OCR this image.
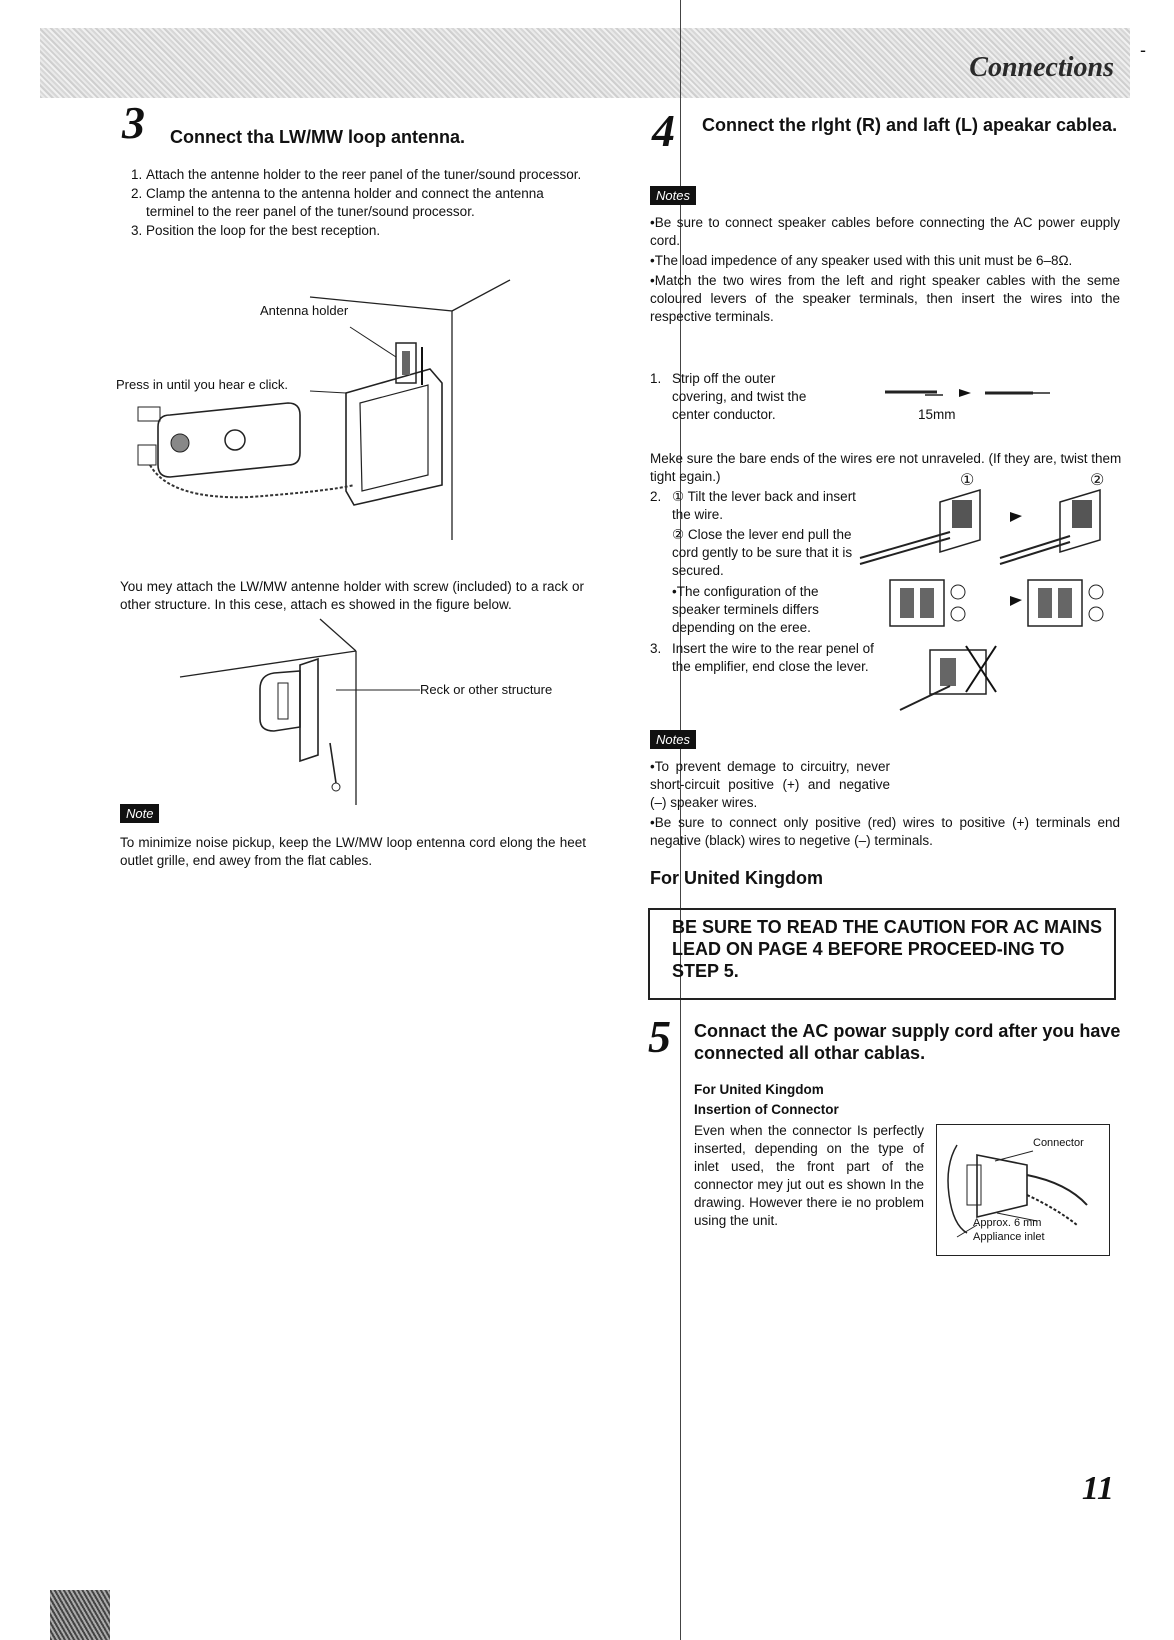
Connections
-
3 Connect tha LW/MW loop antenna.
1. Attach the antenne holder to the reer panel of the tuner/sound processor.
2. Clamp the antenna to the antenna holder and connect the antenna terminel to the reer panel of the tuner/sound processor.
3. Position the loop for the best reception.
Antenna holder
Press in until you hear e click.
You mey attach the LW/MW antenne holder with screw (included) to a rack or other structure. In this cese, attach es showed in the figure below.
Reck or other structure
Note
To minimize noise pickup, keep the LW/MW loop entenna cord elong the heet outlet grille, end awey from the flat cables.
4 Connect the rlght (R) and laft (L) apeakar cablea.
Notes

•Be sure to connect speaker cables before connecting the AC power eupply cord.

•The load impedence of any speaker used with this unit must be 6–8Ω.

•Match the two wires from the left and right speaker cables with the seme coloured levers of the speaker terminals, then insert the wires into the respective terminals.

1. Strip off the outer covering, and twist the center conductor.	15mm
Meke sure the bare ends of the wires ere not unraveled. (If they are, twist them tight egain.)	①	②
2. ① Tilt the lever back and insert the wire.
② Close the lever end pull the cord gently to be sure that it is secured.
•The configuration of the speaker terminels differs depending on the eree.
3. Insert the wire to the rear penel of the emplifier, end close the lever.
Notes

•To prevent demage to circuitry, never short-circuit positive (+) and negative (–) speaker wires.

•Be sure to connect only positive (red) wires to positive (+) terminals end negative (black) wires to negetive (–) terminals.

For United Kingdom
BE SURE TO READ THE CAUTION FOR AC MAINS LEAD ON PAGE 4 BEFORE PROCEED-ING TO STEP 5.
5 Connact the AC powar supply cord after you have connected all othar cablas.
For United Kingdom
Insertion of Connector
Even when the connector Is perfectly inserted, depending on the type of inlet used, the front part of the connector mey jut out es shown In the drawing. However there ie no problem using the unit.
Connector
Approx. 6 mm
Appliance inlet
11
